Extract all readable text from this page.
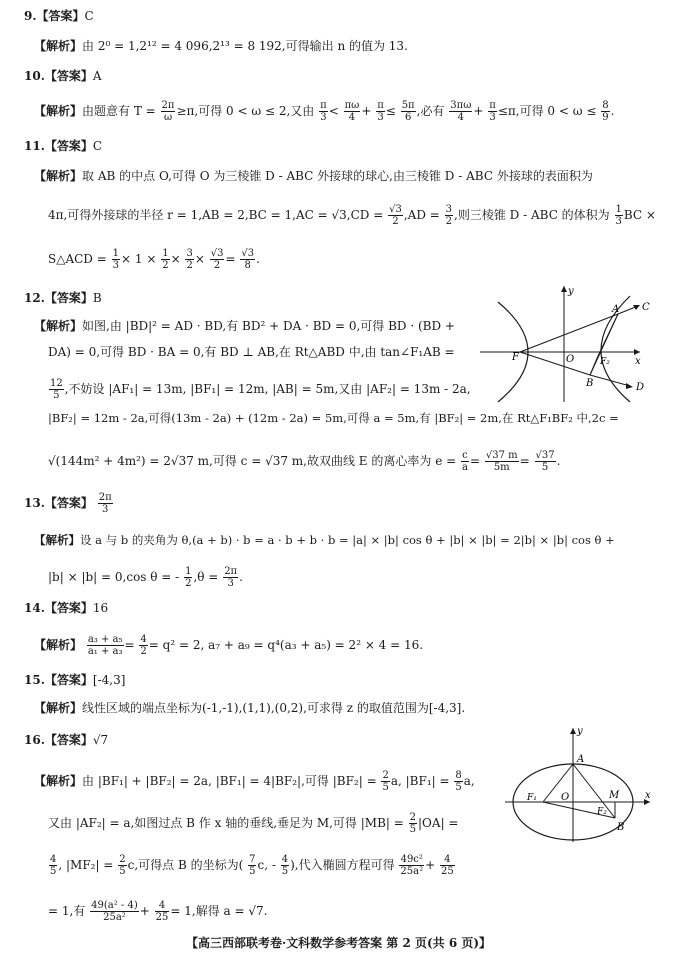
9.【答案】C
【解析】由 2⁰ = 1,2¹² = 4 096,2¹³ = 8 192,可得输出 n 的值为 13.
10.【答案】A
【解析】由题意有 $T = \frac{2\pi}{\omega} \ge\pi$,可得 0 < ω ≤ 2,又由 $\frac{\pi}{3} < \frac{\pi\omega}{4} + \frac{\pi}{3} \le \frac{5\pi}{6}$ ,必有 $\frac{3\pi\omega}{4} + \frac{\pi}{3} \le\pi$,可得 $0 < \omega \le \frac{8}{9}$ .
11.【答案】C
【解析】取 AB 的中点 O,可得 O 为三棱锥 D - ABC 外接球的球心,由三棱锥 D - ABC 外接球的表面积为
4π,可得外接球的半径 $r = 1,AB = 2,BC = 1,AC = √3,CD = \frac{√3}{2} ,AD = \frac{3}{2}$ ,则三棱锥 D - ABC 的体积为 $\frac{1}{3}$ BC ×
S△ACD = $\frac{1}{3} \times 1 \times \frac{1}{2} \times \frac{3}{2} \times \frac{√3}{2} = \frac{√3}{8}$ .
12.【答案】B
【解析】如图,由 |BD|² = AD · BD,有 BD² + DA · BD = 0,可得 BD · (BD +
DA) = 0,可得 BD · BA = 0,有 BD ⊥ AB,在 Rt△ABD 中,由 tan∠F₁AB =
$\frac{12}{5}$ ,不妨设 |AF₁| = 13m, |BF₁| = 12m, |AB| = 5m,又由 |AF₂| = 13m - 2a,
|BF₂| = 12m - 2a,可得(13m - 2a) + (12m - 2a) = 5m,可得 a = 5m,有 |BF₂| = 2m,在 Rt△F₁BF₂ 中,2c =
√(144m² + 4m²) = 2√37 m,可得 c = √37 m,故双曲线 E 的离心率为 $e = \frac{c}{a} = \frac{√37 m}{5m} = \frac{√37}{5}$ .
y
x
A C
F	O	F₂
B	D
13.【答案】 $\frac{2\pi}{3}$
【解析】设 a 与 b 的夹角为 θ,(a + b) · b = a · b + b · b = |a| × |b| cos θ + |b| × |b| = 2|b| × |b| cos θ +
|b| × |b| = 0,cos θ = - $\frac{1}{2} ,\theta = \frac{2\pi}{3}$ .
14.【答案】16
【解析】 $\frac{\text{a₃ + a₅}}{\text{a₁ + a₃}} = \frac{4}{2} = q^2 = 2$, a₇ + a₉ = q⁴(a₃ + a₅) = 2² × 4 = 16.
15.【答案】[-4,3]
【解析】线性区域的端点坐标为(-1,-1),(1,1),(0,2),可求得 z 的取值范围为[-4,3].
16.【答案】√7
【解析】由 |BF₁| + |BF₂| = 2a, |BF₁| = 4|BF₂|,可得 $|BF_2| = \frac{2}{5} a$, $|BF_1| = \frac{8}{5} a$,
又由 |AF₂| = a,如图过点 B 作 x 轴的垂线,垂足为 M,可得 $|MB| = \frac{2}{5} |OA|$ =
$\frac{4}{5}$ , $|MF_2| = \frac{2}{5} c$,可得点 B 的坐标为( $\frac{7}{5} c$, - $\frac{4}{5}$ ),代入椭圆方程可得 $\frac{\text{49c²}}{\text{25a²}} + \frac{4}{25}$
= 1,有 $\frac{\text{49(a² - 4)}}{\text{25a²}} + \frac{4}{25} = 1$,解得 a = √7.
y
x
A
F₁ O	M
F₂
B
【高三西部联考卷·文科数学参考答案 第 2 页(共 6 页)】
